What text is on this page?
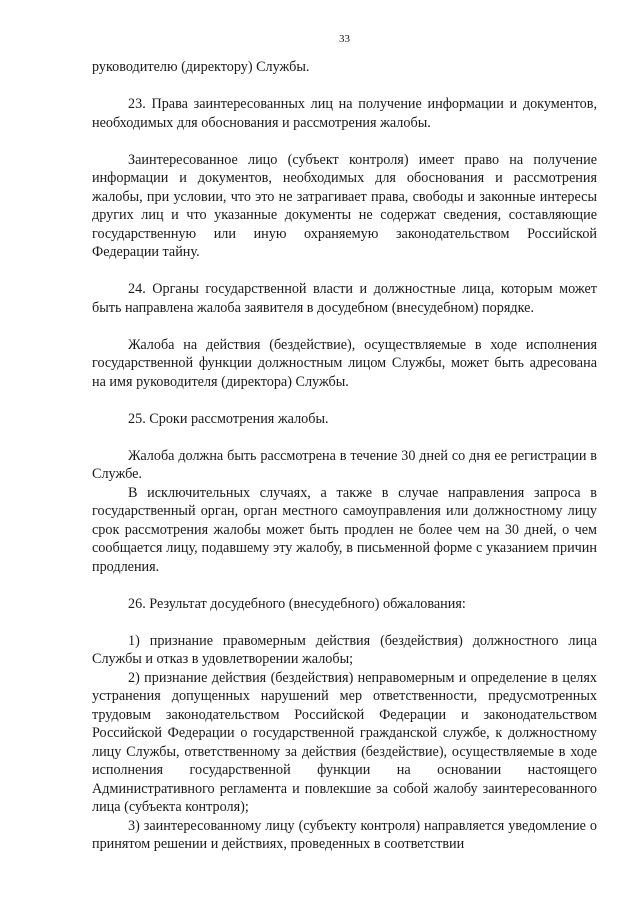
33

руководителю (директору) Службы.

23. Права заинтересованных лиц на получение информации и документов, необходимых для обоснования и рассмотрения жалобы.

Заинтересованное лицо (субъект контроля) имеет право на получение информации и документов, необходимых для обоснования и рассмотрения жалобы, при условии, что это не затрагивает права, свободы и законные интересы других лиц и что указанные документы не содержат сведения, составляющие государственную или иную охраняемую законодательством Российской Федерации тайну.

24. Органы государственной власти и должностные лица, которым может быть направлена жалоба заявителя в досудебном (внесудебном) порядке.

Жалоба на действия (бездействие), осуществляемые в ходе исполнения государственной функции должностным лицом Службы, может быть адресована на имя руководителя (директора) Службы.

25. Сроки рассмотрения жалобы.

Жалоба должна быть рассмотрена в течение 30 дней со дня ее регистрации в Службе.

В исключительных случаях, а также в случае направления запроса в государственный орган, орган местного самоуправления или должностному лицу срок рассмотрения жалобы может быть продлен не более чем на 30 дней, о чем сообщается лицу, подавшему эту жалобу, в письменной форме с указанием причин продления.

26. Результат досудебного (внесудебного) обжалования:

1) признание правомерным действия (бездействия) должностного лица Службы и отказ в удовлетворении жалобы;

2) признание действия (бездействия) неправомерным и определение в целях устранения допущенных нарушений мер ответственности, предусмотренных трудовым законодательством Российской Федерации и законодательством Российской Федерации о государственной гражданской службе, к должностному лицу Службы, ответственному за действия (бездействие), осуществляемые в ходе исполнения государственной функции на основании настоящего Административного регламента и повлекшие за собой жалобу заинтересованного лица (субъекта контроля);

3) заинтересованному лицу (субъекту контроля) направляется уведомление о принятом решении и действиях, проведенных в соответствии
